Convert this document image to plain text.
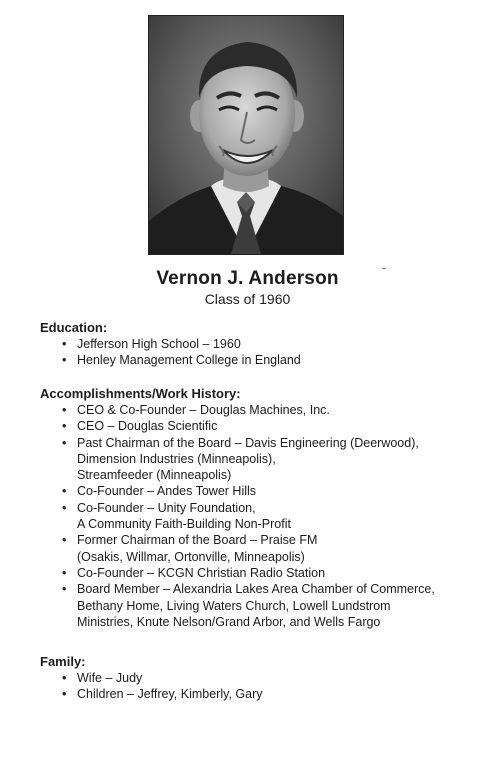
Vernon J. Anderson
Class of 1960
Education:
• Jefferson High School – 1960
• Henley Management College in England
Accomplishments/Work History:
• CEO & Co-Founder – Douglas Machines, Inc.
• CEO – Douglas Scientific
• Past Chairman of the Board – Davis Engineering (Deerwood),
Dimension Industries (Minneapolis),
Streamfeeder (Minneapolis)
• Co-Founder – Andes Tower Hills
• Co-Founder – Unity Foundation,
A Community Faith-Building Non-Profit
• Former Chairman of the Board – Praise FM
(Osakis, Willmar, Ortonville, Minneapolis)
• Co-Founder – KCGN Christian Radio Station
• Board Member – Alexandria Lakes Area Chamber of Commerce,
Bethany Home, Living Waters Church, Lowell Lundstrom
Ministries, Knute Nelson/Grand Arbor, and Wells Fargo
Family:
• Wife – Judy
• Children – Jeffrey, Kimberly, Gary
